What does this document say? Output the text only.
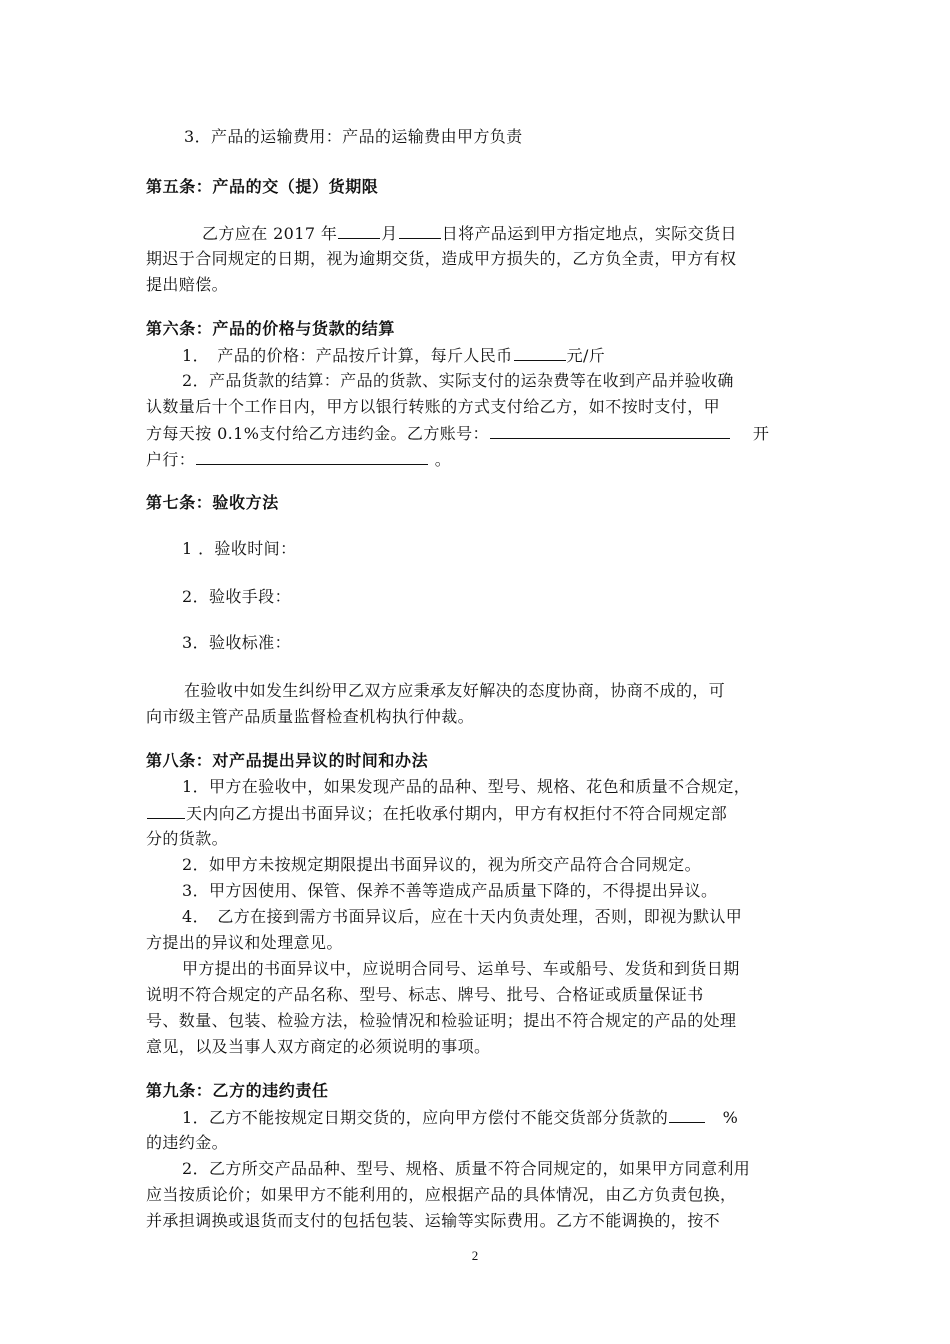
3．产品的运输费用：产品的运输费由甲方负责
第五条：产品的交（提）货期限
乙方应在 2017 年	月	日将产品运到甲方指定地点，实际交货日
期迟于合同规定的日期，视为逾期交货，造成甲方损失的，乙方负全责，甲方有权
提出赔偿。
第六条：产品的价格与货款的结算
1．　产品的价格：产品按斤计算，每斤人民币	元/斤
2．产品货款的结算：产品的货款、实际支付的运杂费等在收到产品并验收确
认数量后十个工作日内，甲方以银行转账的方式支付给乙方，如不按时支付，甲
方每天按 0.1%支付给乙方违约金。乙方账号：	　 开
户行：	。
第七条：验收方法
1 ．验收时间：
2．验收手段：
3．验收标准：
在验收中如发生纠纷甲乙双方应秉承友好解决的态度协商，协商不成的，可
向市级主管产品质量监督检查机构执行仲裁。
第八条：对产品提出异议的时间和办法
1．甲方在验收中，如果发现产品的品种、型号、规格、花色和质量不合规定，
天内向乙方提出书面异议；在托收承付期内，甲方有权拒付不符合同规定部
分的货款。
2．如甲方未按规定期限提出书面异议的，视为所交产品符合合同规定。
3．甲方因使用、保管、保养不善等造成产品质量下降的，不得提出异议。
4．　乙方在接到需方书面异议后，应在十天内负责处理，否则，即视为默认甲
方提出的异议和处理意见。
甲方提出的书面异议中，应说明合同号、运单号、车或船号、发货和到货日期
说明不符合规定的产品名称、型号、标志、牌号、批号、合格证或质量保证书
号、数量、包装、检验方法，检验情况和检验证明；提出不符合规定的产品的处理
意见，以及当事人双方商定的必须说明的事项。
第九条：乙方的违约责任
1．乙方不能按规定日期交货的，应向甲方偿付不能交货部分货款的　%
的违约金。
2．乙方所交产品品种、型号、规格、质量不符合同规定的，如果甲方同意利用
应当按质论价；如果甲方不能利用的，应根据产品的具体情况，由乙方负责包换，
并承担调换或退货而支付的包括包装、运输等实际费用。乙方不能调换的，按不
2
